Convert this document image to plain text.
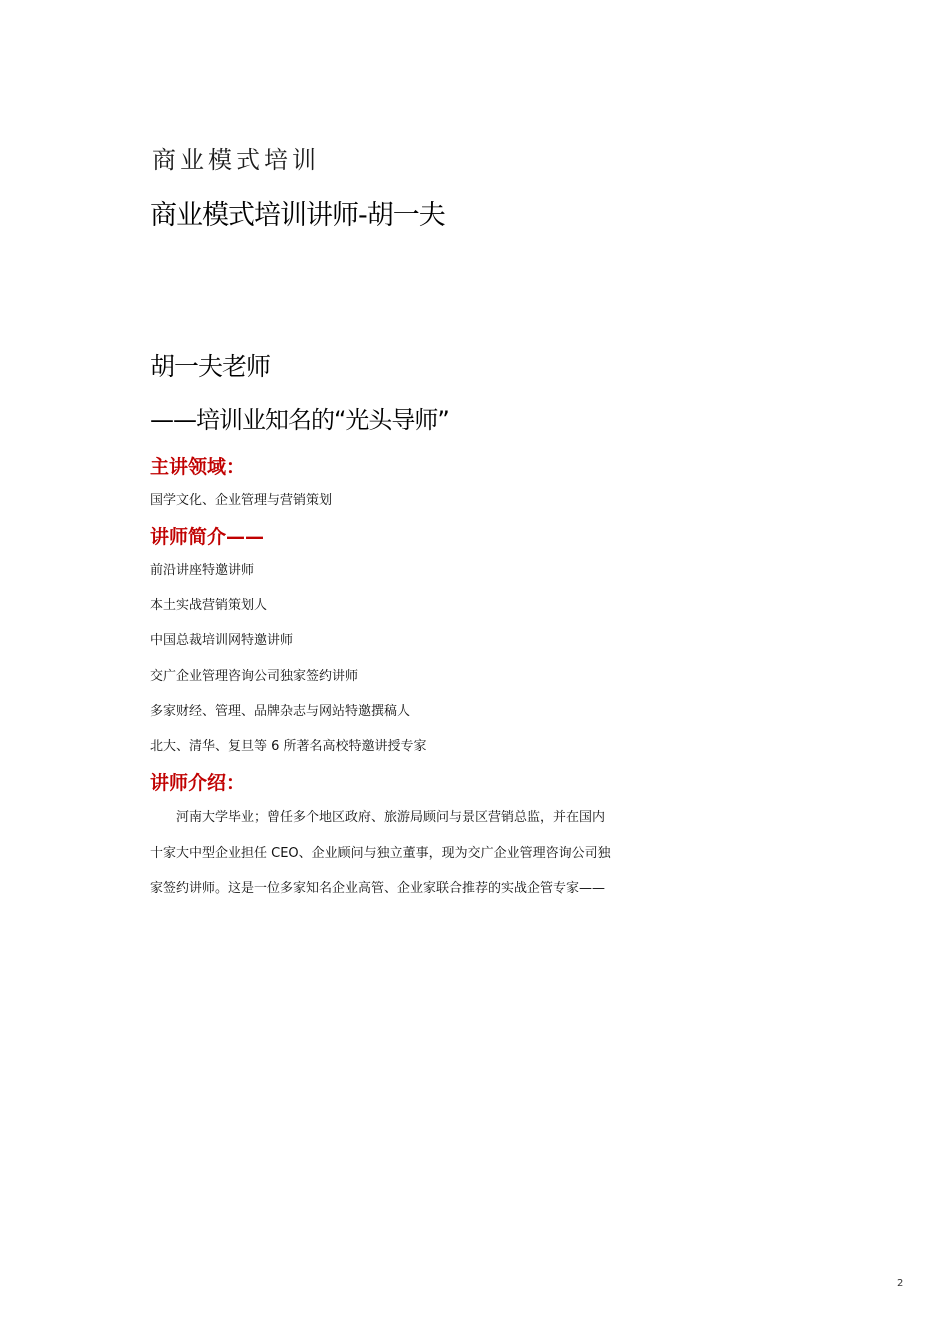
商业模式培训
商业模式培训讲师-胡一夫
胡一夫老师
——培训业知名的“光头导师”
主讲领域：
国学文化、企业管理与营销策划
讲师简介——
前沿讲座特邀讲师
本土实战营销策划人
中国总裁培训网特邀讲师
交广企业管理咨询公司独家签约讲师
多家财经、管理、品牌杂志与网站特邀撰稿人
北大、清华、复旦等 6 所著名高校特邀讲授专家
讲师介绍：
河南大学毕业；曾任多个地区政府、旅游局顾问与景区营销总监，并在国内
十家大中型企业担任 CEO、企业顾问与独立董事，现为交广企业管理咨询公司独
家签约讲师。这是一位多家知名企业高管、企业家联合推荐的实战企管专家——
2
